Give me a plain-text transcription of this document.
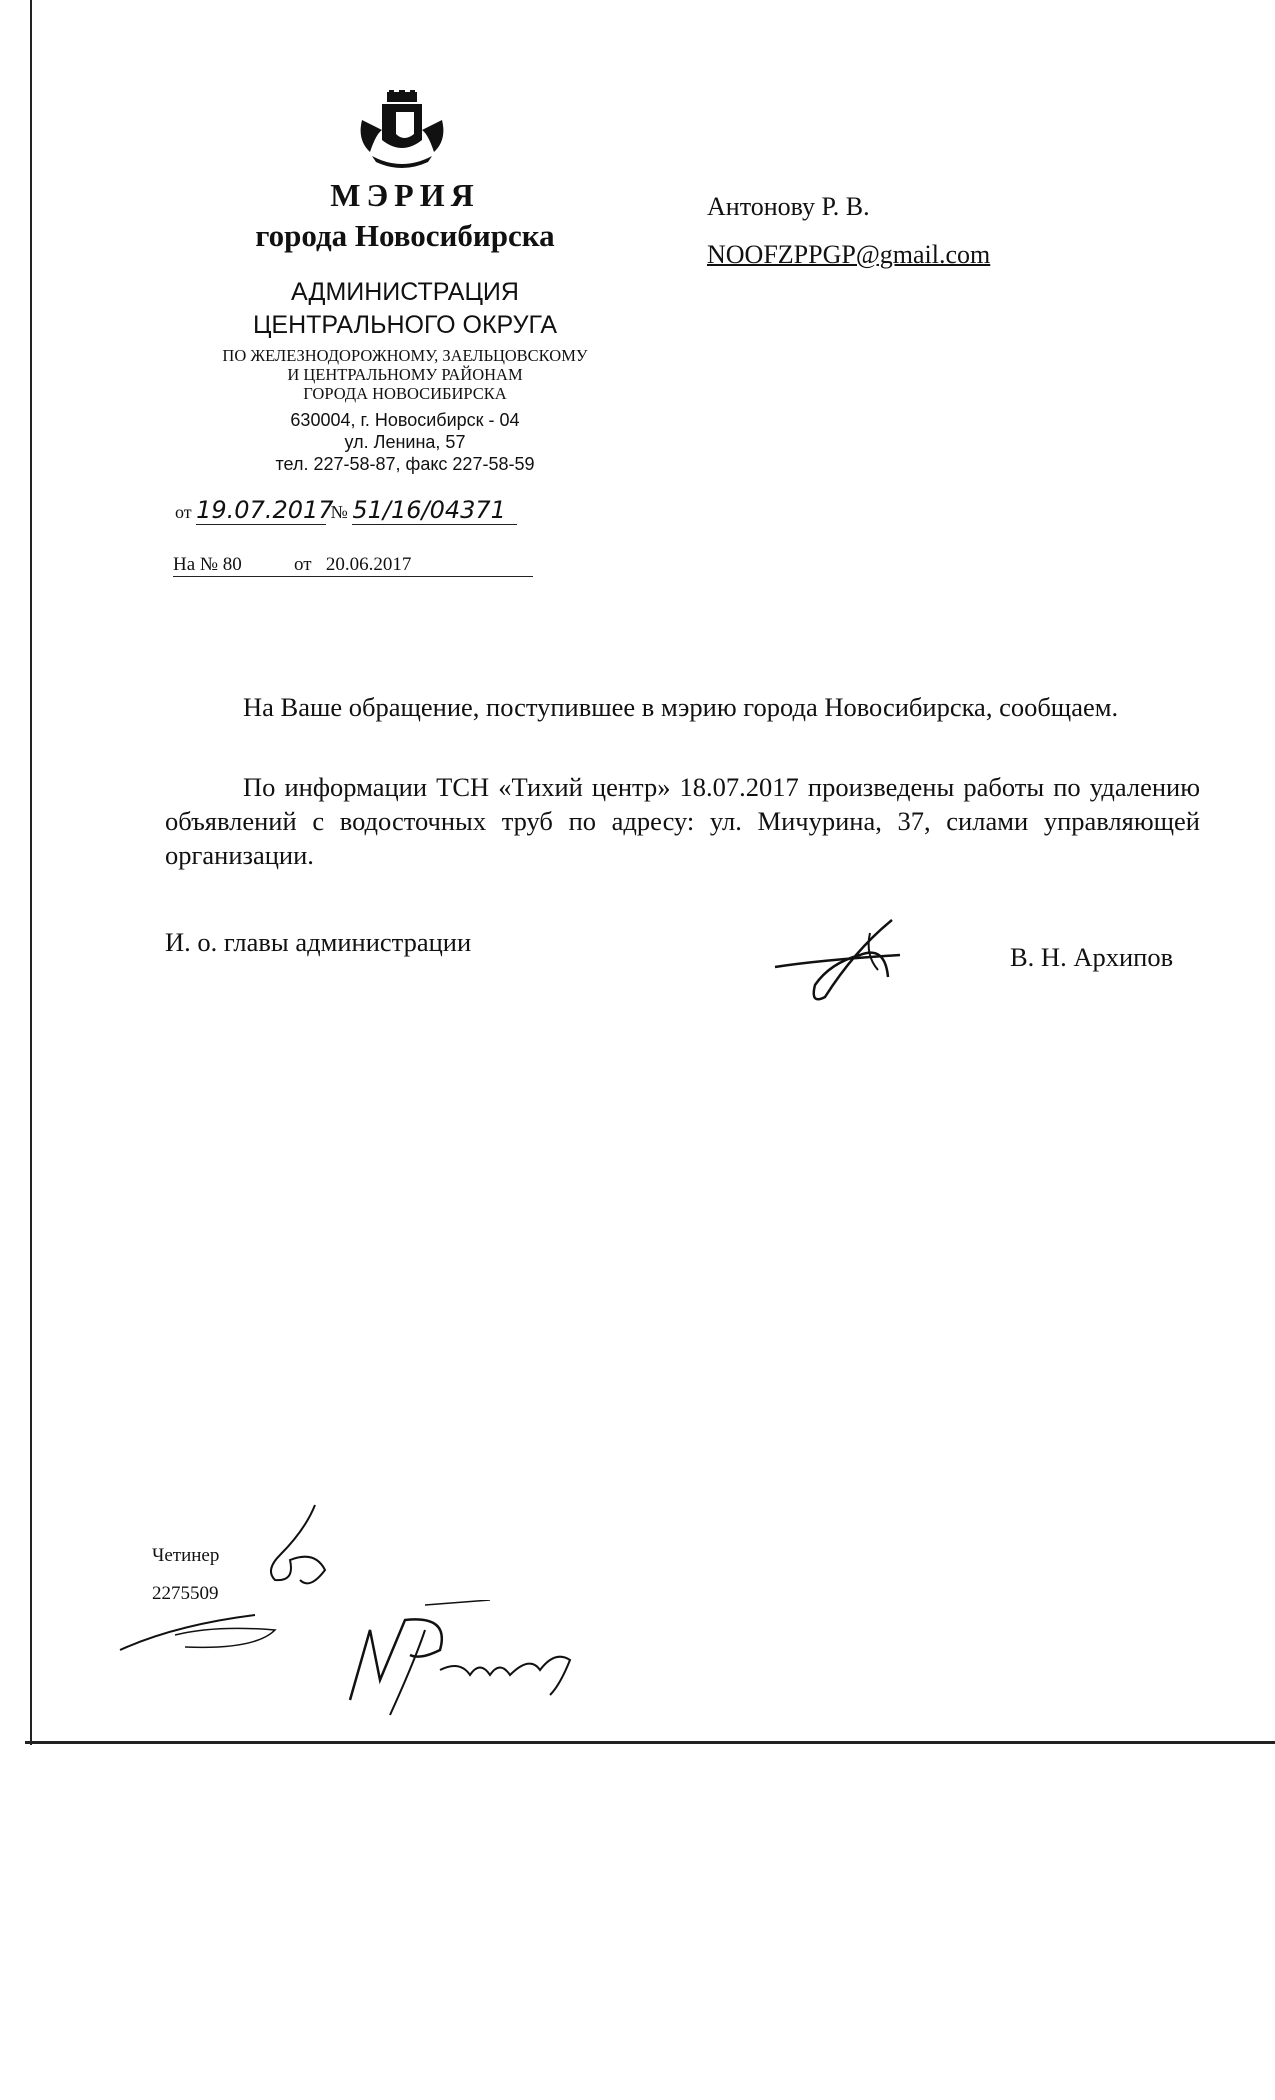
МЭРИЯ
города Новосибирска
АДМИНИСТРАЦИЯ
ЦЕНТРАЛЬНОГО ОКРУГА
ПО ЖЕЛЕЗНОДОРОЖНОМУ, ЗАЕЛЬЦОВСКОМУ
И ЦЕНТРАЛЬНОМУ РАЙОНАМ
ГОРОДА НОВОСИБИРСКА
630004, г. Новосибирск - 04
ул. Ленина, 57
тел. 227-58-87, факс 227-58-59
от 19.07.2017 № 51/16/04371
На № 80	от 20.06.2017
Антонову Р. В.
NOOFZPPGP@gmail.com
На Ваше обращение, поступившее в мэрию города Новосибирска, сообщаем.
По информации ТСН «Тихий центр» 18.07.2017 произведены работы по удалению объявлений с водосточных труб по адресу: ул. Мичурина, 37, силами управляющей организации.
И. о. главы администрации	В. Н. Архипов
Четинер
2275509
